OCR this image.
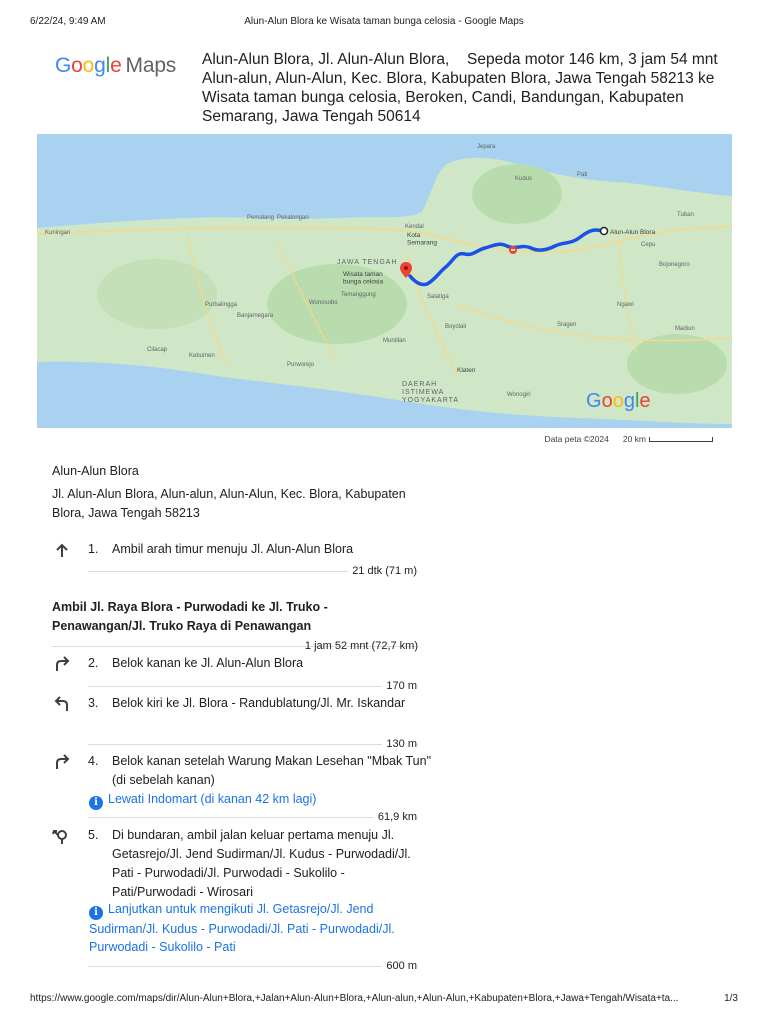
6/22/24, 9:49 AM	Alun-Alun Blora ke Wisata taman bunga celosia - Google Maps
Google Maps Alun-Alun Blora, Jl. Alun-Alun Blora,	Sepeda motor 146 km, 3 jam 54 mnt
Alun-alun, Alun-Alun, Kec. Blora, Kabupaten Blora, Jawa Tengah 58213 ke Wisata taman bunga celosia, Beroken, Candi, Bandungan, Kabupaten Semarang, Jawa Tengah 50614
Kendal
Kota Semarang
JAWA TENGAH
Wisata taman bunga celosia
Alun-Alun Blora
DAERAH ISTIMEWA YOGYAKARTA
Klaten
Pemalang Pekalongan
Kuningan
Purbalingga
Banjarnegara
Wonosobo
Temanggung	Salatiga
Boyolali
Muntilan
Kebumen
Cilacap
Purworejo
Bojonegoro
Ngawi
Madiun
Jepara
Kudus
Pati
Sragen
Wonogiri
Tuban
Cepu
Google
Data peta ©2024 20 km
Alun-Alun Blora
Jl. Alun-Alun Blora, Alun-alun, Alun-Alun, Kec. Blora, Kabupaten Blora, Jawa Tengah 58213
1. Ambil arah timur menuju Jl. Alun-Alun Blora
21 dtk (71 m)
Ambil Jl. Raya Blora - Purwodadi ke Jl. Truko - Penawangan/Jl. Truko Raya di Penawangan
1 jam 52 mnt (72,7 km)
2. Belok kanan ke Jl. Alun-Alun Blora
170 m
3. Belok kiri ke Jl. Blora - Randublatung/Jl. Mr. Iskandar
130 m
4. Belok kanan setelah Warung Makan Lesehan "Mbak Tun" (di sebelah kanan)
i Lewati Indomart (di kanan 42 km lagi)
61,9 km
5. Di bundaran, ambil jalan keluar pertama menuju Jl. Getasrejo/Jl. Jend Sudirman/Jl. Kudus - Purwodadi/Jl. Pati - Purwodadi/Jl. Purwodadi - Sukolilo - Pati/Purwodadi - Wirosari
i Lanjutkan untuk mengikuti Jl. Getasrejo/Jl. Jend Sudirman/Jl. Kudus - Purwodadi/Jl. Pati - Purwodadi/Jl. Purwodadi - Sukolilo - Pati
600 m
https://www.google.com/maps/dir/Alun-Alun+Blora,+Jalan+Alun-Alun+Blora,+Alun-alun,+Alun-Alun,+Kabupaten+Blora,+Jawa+Tengah/Wisata+ta...	1/3
